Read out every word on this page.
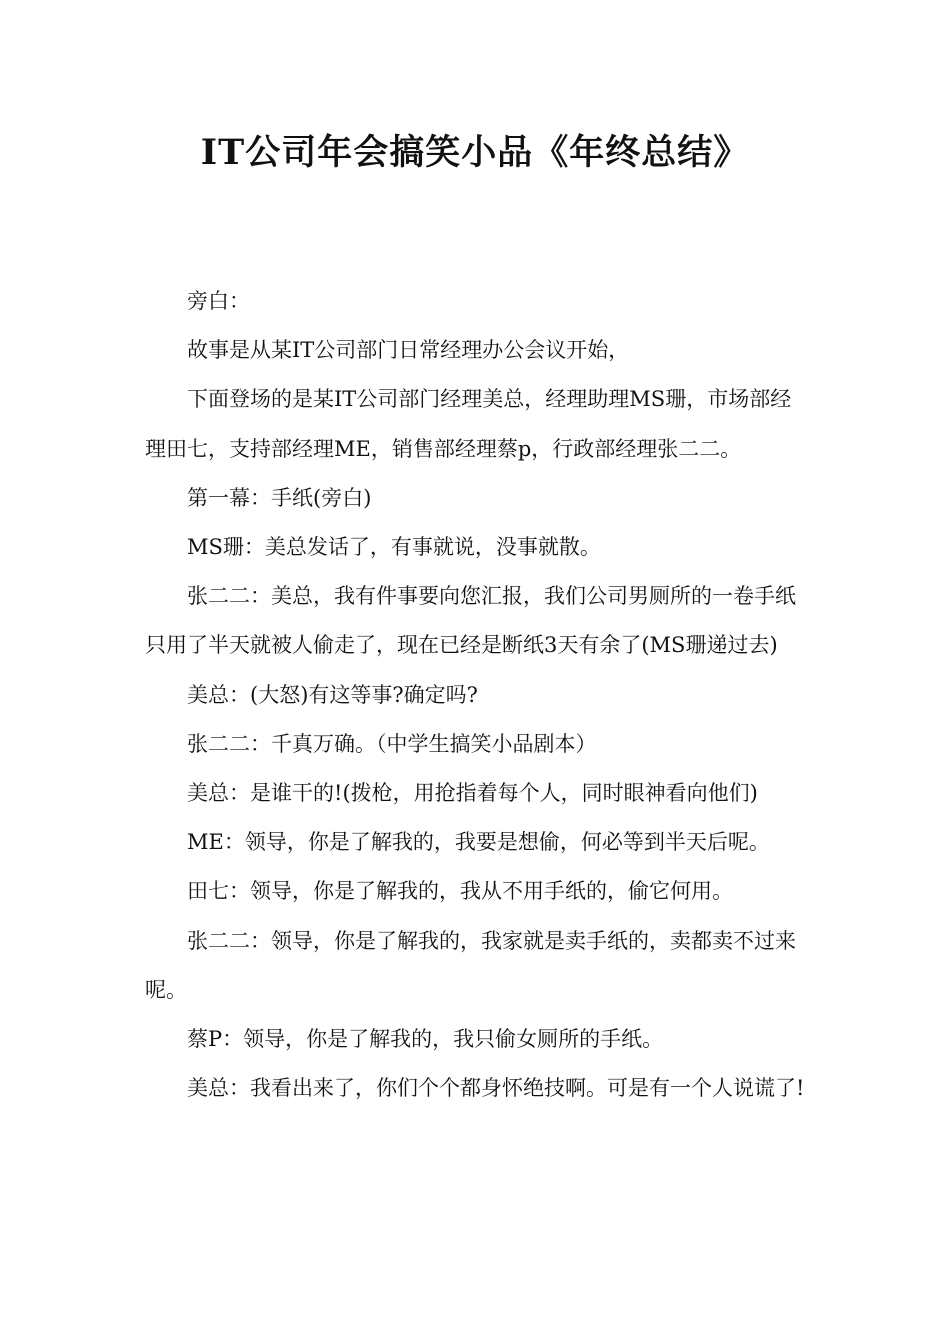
IT公司年会搞笑小品《年终总结》

旁白：

故事是从某IT公司部门日常经理办公会议开始，

下面登场的是某IT公司部门经理美总，经理助理MS珊，市场部经理田七，支持部经理ME，销售部经理蔡p，行政部经理张二二。

第一幕：手纸(旁白)

MS珊：美总发话了，有事就说，没事就散。

张二二：美总，我有件事要向您汇报，我们公司男厕所的一卷手纸只用了半天就被人偷走了，现在已经是断纸3天有余了(MS珊递过去)

美总：(大怒)有这等事?确定吗?

张二二：千真万确。（中学生搞笑小品剧本）

美总：是谁干的!(拨枪，用抢指着每个人，同时眼神看向他们)

ME：领导，你是了解我的，我要是想偷，何必等到半天后呢。

田七：领导，你是了解我的，我从不用手纸的，偷它何用。

张二二：领导，你是了解我的，我家就是卖手纸的，卖都卖不过来呢。

蔡P：领导，你是了解我的，我只偷女厕所的手纸。

美总：我看出来了，你们个个都身怀绝技啊。可是有一个人说谎了!
